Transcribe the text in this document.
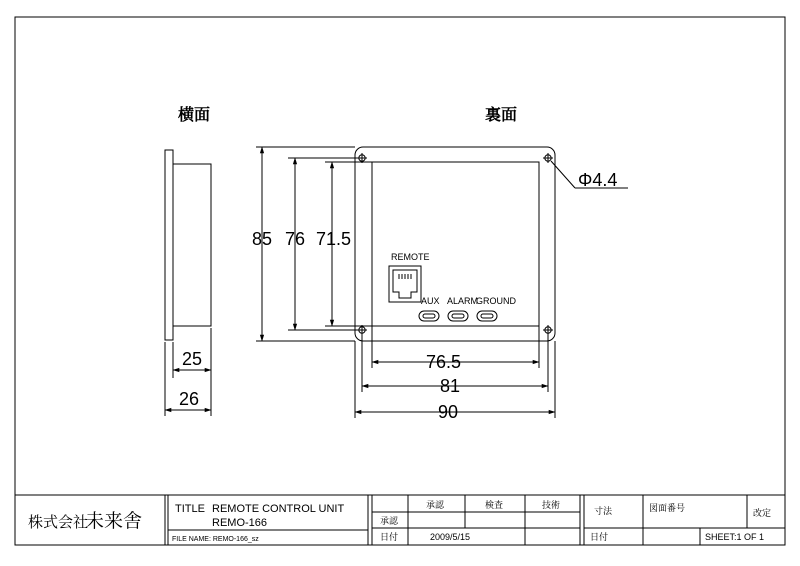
横面	裏面
25
26
Φ4.4
REMOTE
AUX ALARM
GROUND
85 76 71.5
76.5
81
90
株式会社
未来舎
TITLE REMOTE CONTROL UNIT
REMO-166
FILE NAME: REMO-166_sz
承認	検査	技術
承認
日付	2009/5/15
寸法	図面番号	改定
日付	SHEET:1 OF 1
